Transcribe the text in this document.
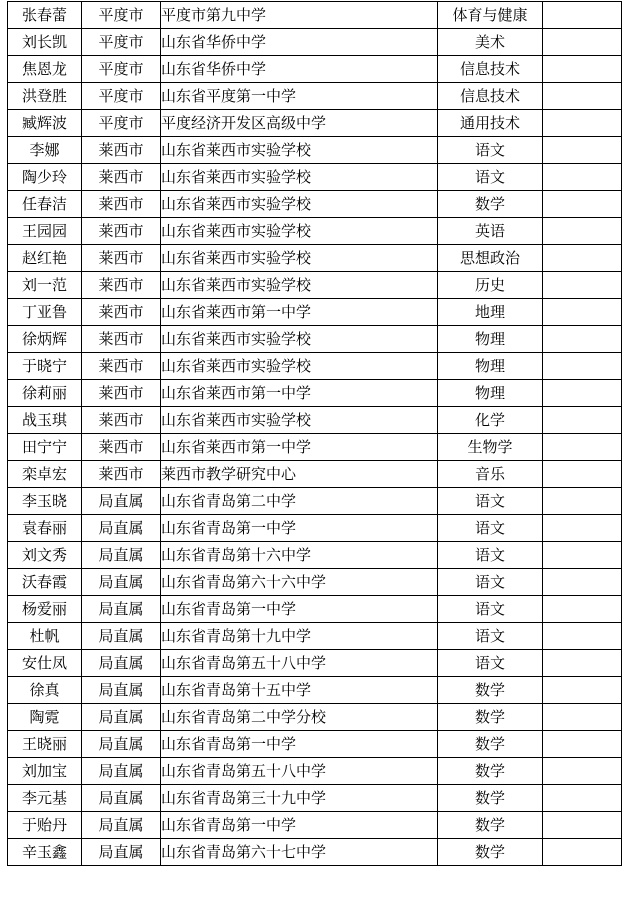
张春蕾	平度市	平度市第九中学	体育与健康	
刘长凯	平度市	山东省华侨中学	美术	
焦恩龙	平度市	山东省华侨中学	信息技术	
洪登胜	平度市	山东省平度第一中学	信息技术	
臧辉波	平度市	平度经济开发区高级中学	通用技术	
李娜	莱西市	山东省莱西市实验学校	语文	
陶少玲	莱西市	山东省莱西市实验学校	语文	
任春洁	莱西市	山东省莱西市实验学校	数学	
王园园	莱西市	山东省莱西市实验学校	英语	
赵红艳	莱西市	山东省莱西市实验学校	思想政治	
刘一范	莱西市	山东省莱西市实验学校	历史	
丁亚鲁	莱西市	山东省莱西市第一中学	地理	
徐炳辉	莱西市	山东省莱西市实验学校	物理	
于晓宁	莱西市	山东省莱西市实验学校	物理	
徐莉丽	莱西市	山东省莱西市第一中学	物理	
战玉琪	莱西市	山东省莱西市实验学校	化学	
田宁宁	莱西市	山东省莱西市第一中学	生物学	
栾卓宏	莱西市	莱西市教学研究中心	音乐	
李玉晓	局直属	山东省青岛第二中学	语文	
袁春丽	局直属	山东省青岛第一中学	语文	
刘文秀	局直属	山东省青岛第十六中学	语文	
沃春霞	局直属	山东省青岛第六十六中学	语文	
杨爱丽	局直属	山东省青岛第一中学	语文	
杜帆	局直属	山东省青岛第十九中学	语文	
安仕凤	局直属	山东省青岛第五十八中学	语文	
徐真	局直属	山东省青岛第十五中学	数学	
陶霓	局直属	山东省青岛第二中学分校	数学	
王晓丽	局直属	山东省青岛第一中学	数学	
刘加宝	局直属	山东省青岛第五十八中学	数学	
李元基	局直属	山东省青岛第三十九中学	数学	
于贻丹	局直属	山东省青岛第一中学	数学	
辛玉鑫	局直属	山东省青岛第六十七中学	数学	
